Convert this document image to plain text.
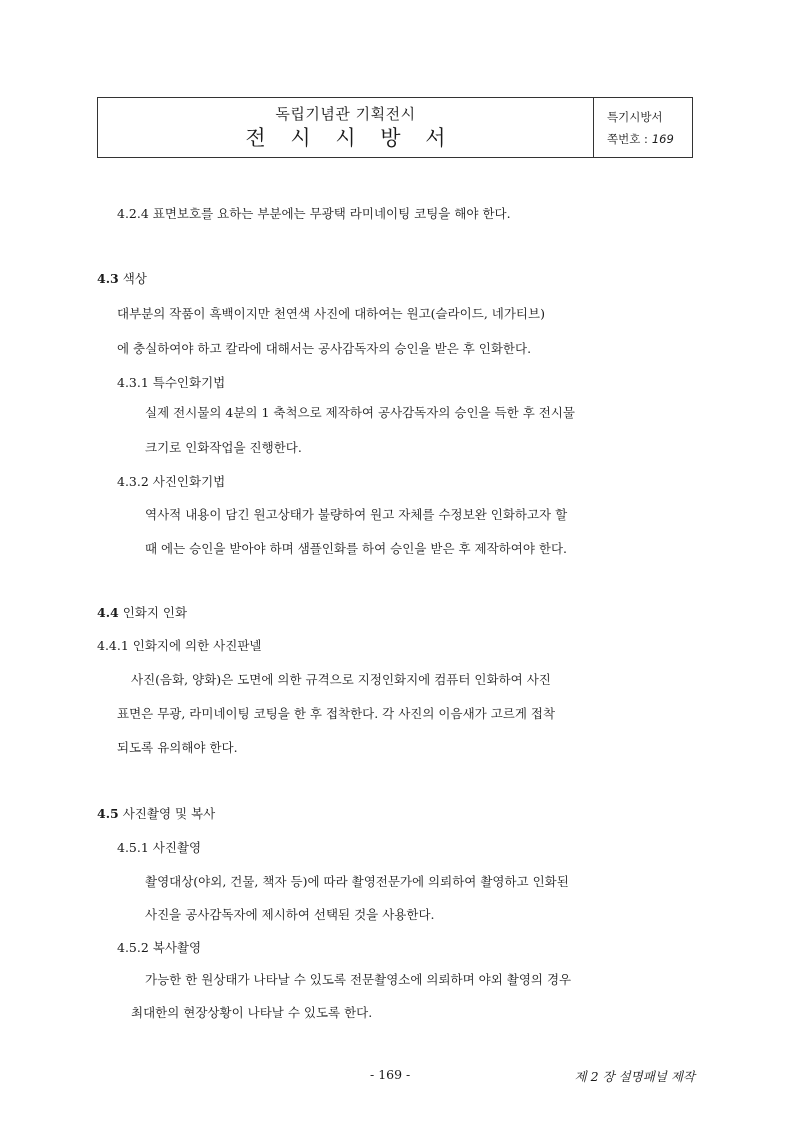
독립기념관 기획전시
전 시 시 방 서
특기시방서
쪽번호 : 169
4.2.4 표면보호를 요하는 부분에는 무광택 라미네이팅 코팅을 해야 한다.
4.3 색상
대부분의 작품이 흑백이지만 천연색 사진에 대하여는 원고(슬라이드, 네가티브)
에 충실하여야 하고 칼라에 대해서는 공사감독자의 승인을 받은 후 인화한다.
4.3.1 특수인화기법
실제 전시물의 4분의 1 축척으로 제작하여 공사감독자의 승인을 득한 후 전시물
크기로 인화작업을 진행한다.
4.3.2 사진인화기법
역사적 내용이 담긴 원고상태가 불량하여 원고 자체를 수정보완 인화하고자 할
때 에는 승인을 받아야 하며 샘플인화를 하여 승인을 받은 후 제작하여야 한다.
4.4 인화지 인화
4.4.1 인화지에 의한 사진판넬
사진(음화, 양화)은 도면에 의한 규격으로 지정인화지에 컴퓨터 인화하여 사진
표면은 무광, 라미네이팅 코팅을 한 후 접착한다. 각 사진의 이음새가 고르게 접착
되도록 유의해야 한다.
4.5 사진촬영 및 복사
4.5.1 사진촬영
촬영대상(야외, 건물, 책자 등)에 따라 촬영전문가에 의뢰하여 촬영하고 인화된
사진을 공사감독자에 제시하여 선택된 것을 사용한다.
4.5.2 복사촬영
가능한 한 원상태가 나타날 수 있도록 전문촬영소에 의뢰하며 야외 촬영의 경우
최대한의 현장상황이 나타날 수 있도록 한다.
- 169 -	제 2 장 설명패널 제작
